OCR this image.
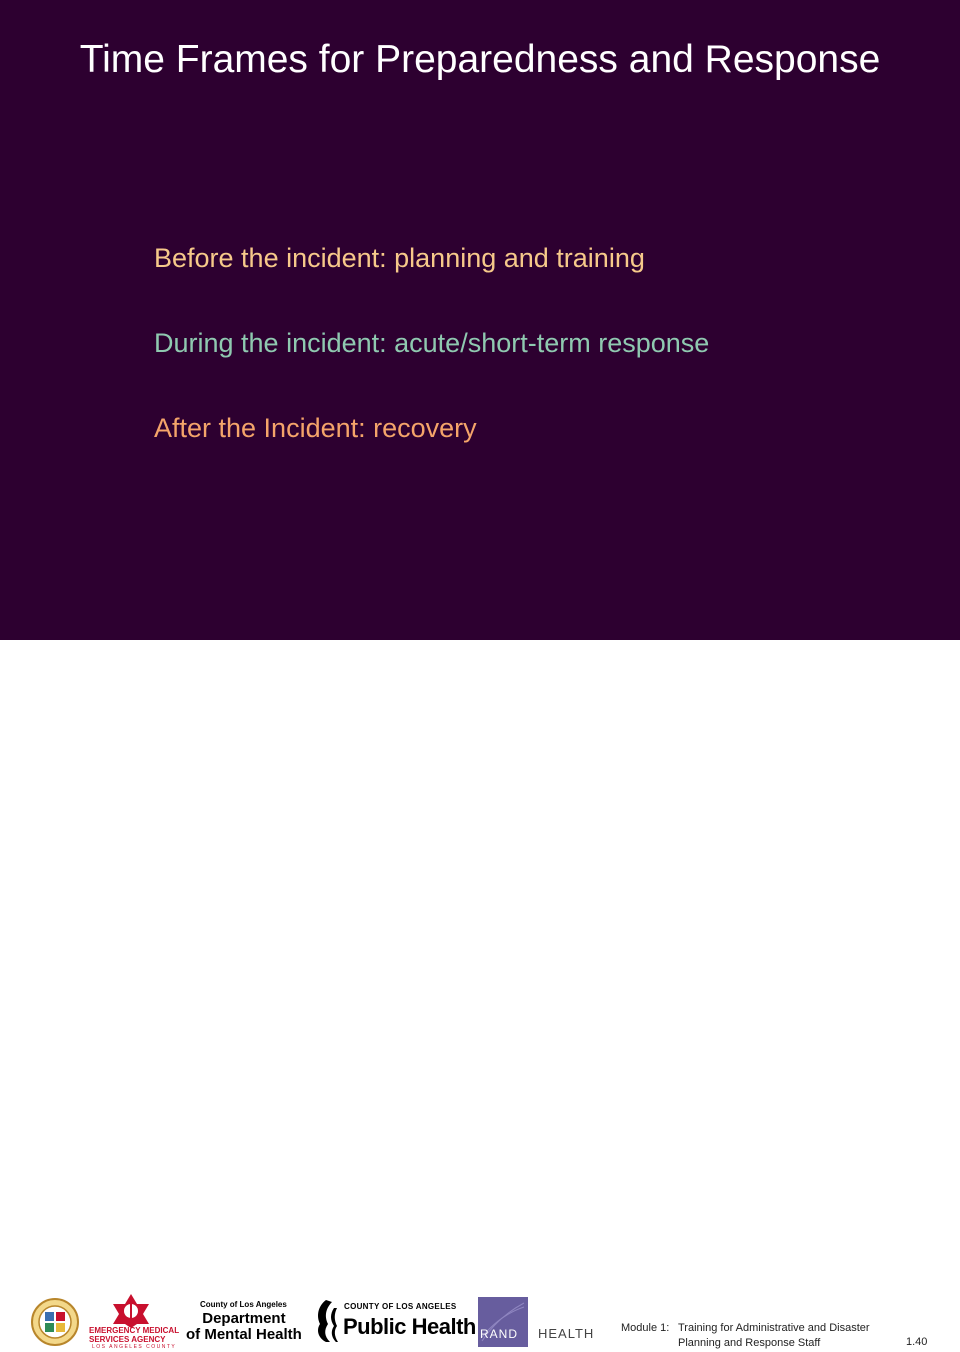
Time Frames for Preparedness and Response
Before the incident: planning and training
During the incident: acute/short-term response
After the Incident: recovery
EMERGENCY MEDICAL
SERVICES AGENCY
LOS ANGELES COUNTY
County of Los Angeles
Department
of Mental Health
COUNTY OF LOS ANGELES
Public Health RAND HEALTH Module 1: Training for Administrative and Disaster
Planning and Response Staff	1.40
